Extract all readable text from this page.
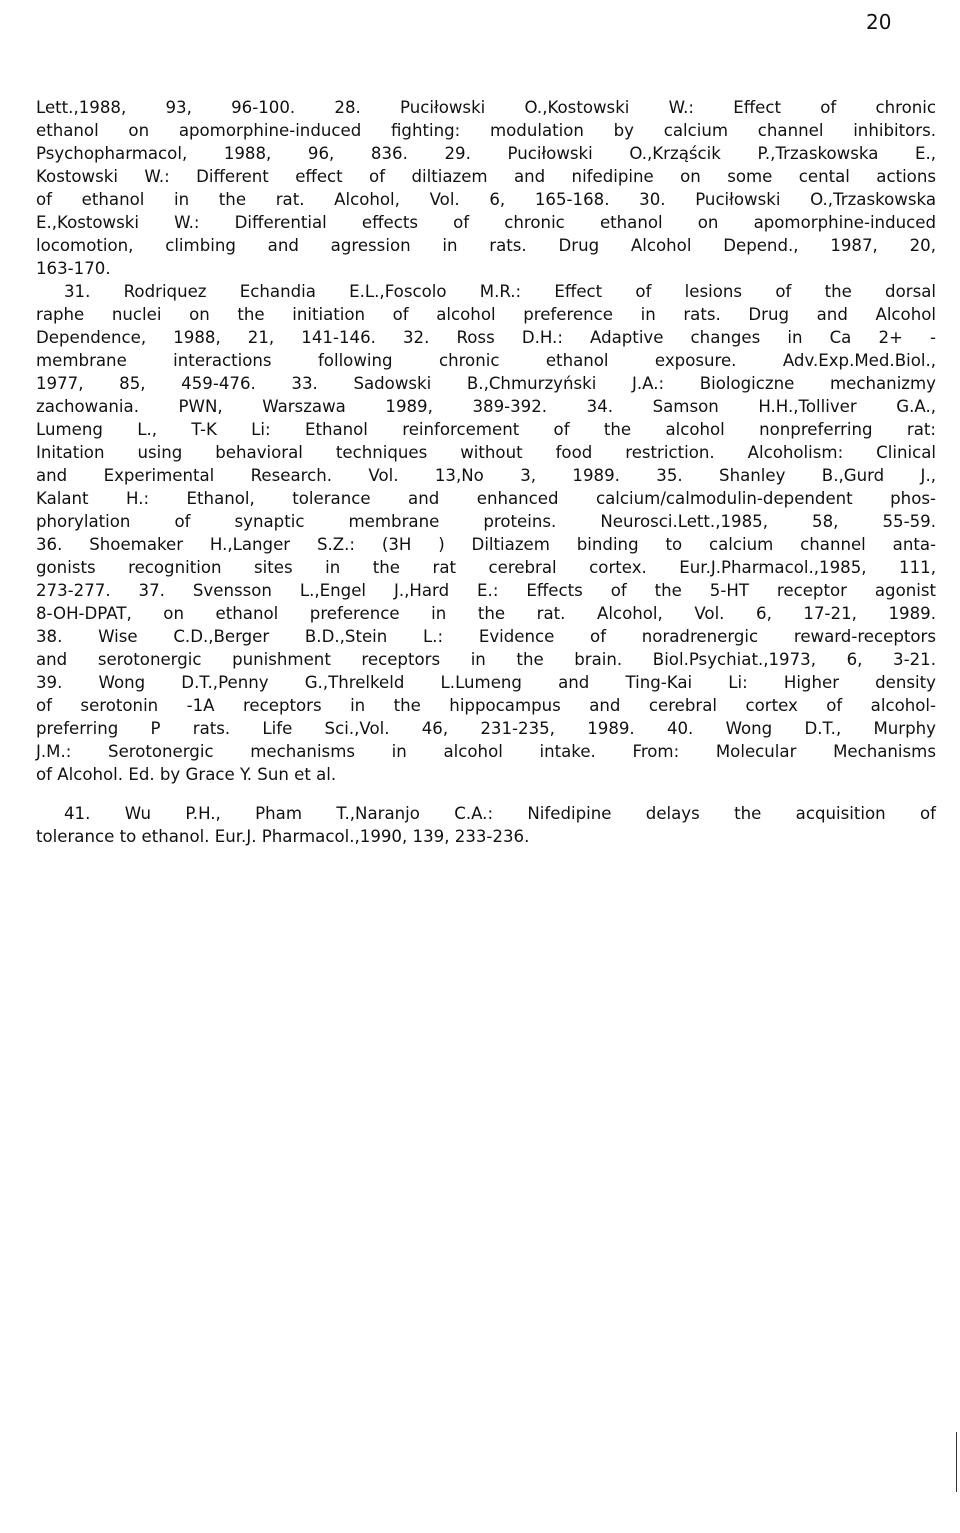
20
Lett.,1988, 93, 96-100. 28. Puciłowski O.,Kostowski W.: Effect of chronic
ethanol on apomorphine-induced fighting: modulation by calcium channel inhibitors.
Psychopharmacol, 1988, 96, 836. 29. Puciłowski O.,Krząścik P.,Trzaskowska E.,
Kostowski W.: Different effect of diltiazem and nifedipine on some cental actions
of ethanol in the rat. Alcohol, Vol. 6, 165-168. 30. Puciłowski O.,Trzaskowska
E.,Kostowski W.: Differential effects of chronic ethanol on apomorphine-induced
locomotion, climbing and agression in rats. Drug Alcohol Depend., 1987, 20,
163-170.
31. Rodriquez Echandia E.L.,Foscolo M.R.: Effect of lesions of the dorsal
raphe nuclei on the initiation of alcohol preference in rats. Drug and Alcohol
Dependence, 1988, 21, 141-146. 32. Ross D.H.: Adaptive changes in Ca 2+ -
membrane interactions following chronic ethanol exposure. Adv.Exp.Med.Biol.,
1977, 85, 459-476. 33. Sadowski B.,Chmurzyński J.A.: Biologiczne mechanizmy
zachowania. PWN, Warszawa 1989, 389-392. 34. Samson H.H.,Tolliver G.A.,
Lumeng L., T-K Li: Ethanol reinforcement of the alcohol nonpreferring rat:
Initation using behavioral techniques without food restriction. Alcoholism: Clinical
and Experimental Research. Vol. 13,No 3, 1989. 35. Shanley B.,Gurd J.,
Kalant H.: Ethanol, tolerance and enhanced calcium/calmodulin-dependent phos-
phorylation of synaptic membrane proteins. Neurosci.Lett.,1985, 58, 55-59.
36. Shoemaker H.,Langer S.Z.: (3H ) Diltiazem binding to calcium channel anta-
gonists recognition sites in the rat cerebral cortex. Eur.J.Pharmacol.,1985, 111,
273-277. 37. Svensson L.,Engel J.,Hard E.: Effects of the 5-HT receptor agonist
8-OH-DPAT, on ethanol preference in the rat. Alcohol, Vol. 6, 17-21, 1989.
38. Wise C.D.,Berger B.D.,Stein L.: Evidence of noradrenergic reward-receptors
and serotonergic punishment receptors in the brain. Biol.Psychiat.,1973, 6, 3-21.
39. Wong D.T.,Penny G.,Threlkeld L.Lumeng and Ting-Kai Li: Higher density
of serotonin -1A receptors in the hippocampus and cerebral cortex of alcohol-
preferring P rats. Life Sci.,Vol. 46, 231-235, 1989. 40. Wong D.T., Murphy
J.M.: Serotonergic mechanisms in alcohol intake. From: Molecular Mechanisms
of Alcohol. Ed. by Grace Y. Sun et al.
41. Wu P.H., Pham T.,Naranjo C.A.: Nifedipine delays the acquisition of
tolerance to ethanol. Eur.J. Pharmacol.,1990, 139, 233-236.
